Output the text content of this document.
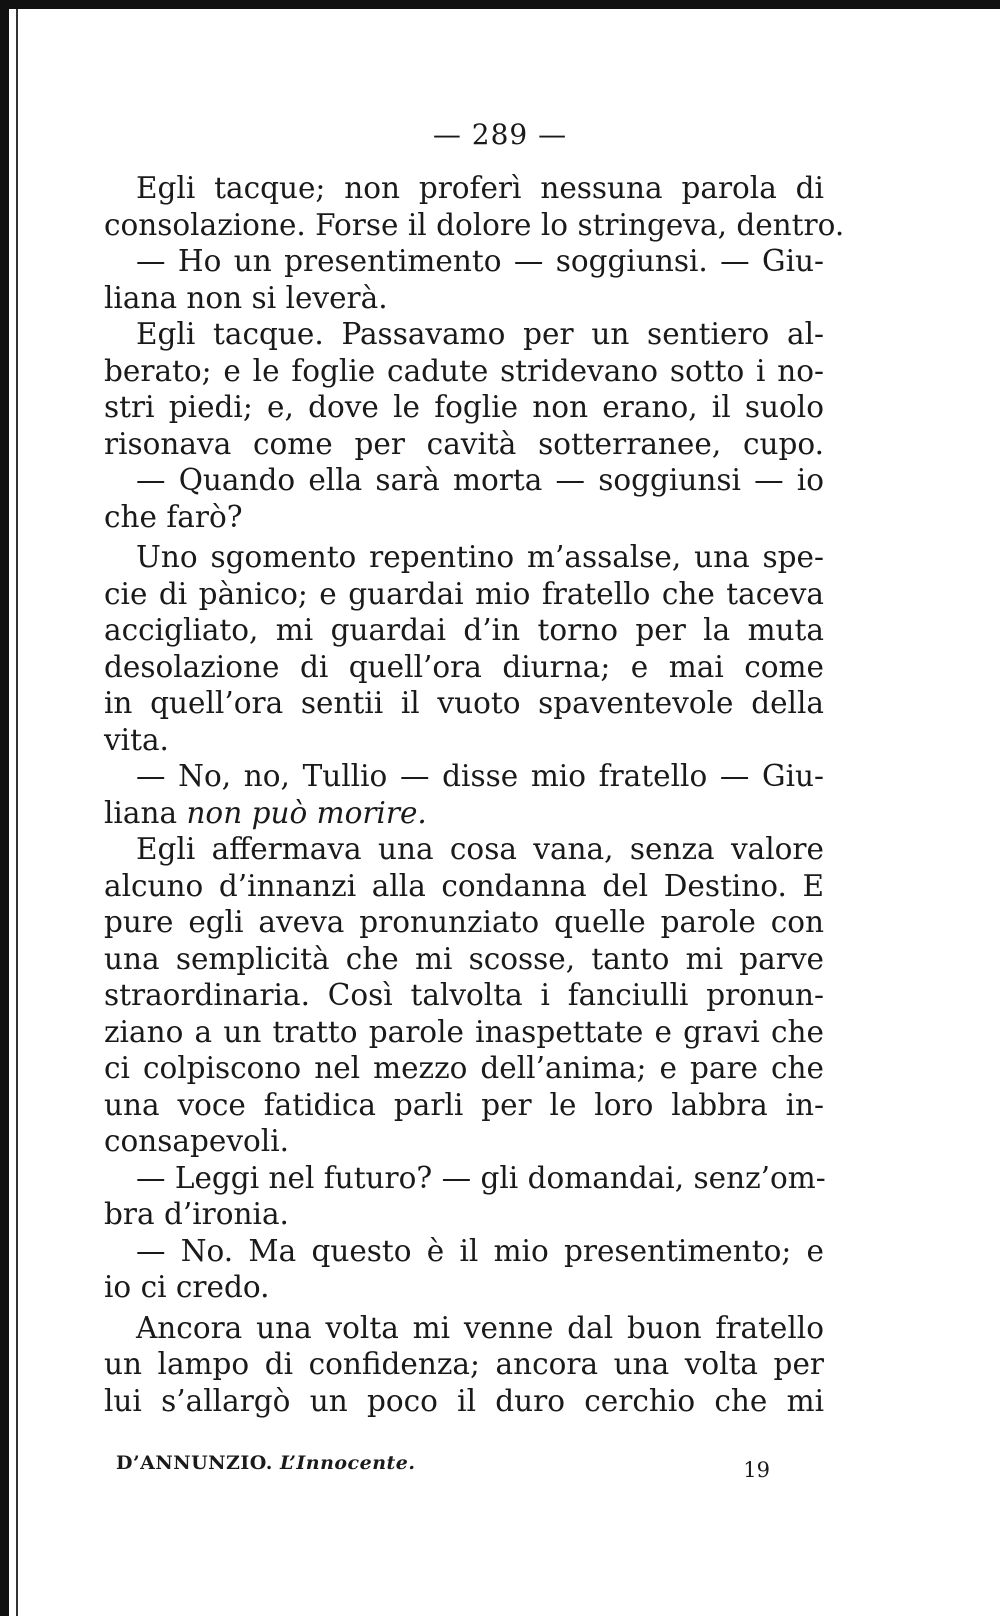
— 289 —
Egli tacque; non proferì nessuna parola di
consolazione. Forse il dolore lo stringeva, dentro.
— Ho un presentimento — soggiunsi. — Giu-
liana non si leverà.
Egli tacque. Passavamo per un sentiero al-
berato; e le foglie cadute stridevano sotto i no-
stri piedi; e, dove le foglie non erano, il suolo
risonava come per cavità sotterranee, cupo.
— Quando ella sarà morta — soggiunsi — io
che farò?
Uno sgomento repentino m’assalse, una spe-
cie di pànico; e guardai mio fratello che taceva
accigliato, mi guardai d’in torno per la muta
desolazione di quell’ora diurna; e mai come
in quell’ora sentii il vuoto spaventevole della
vita.
— No, no, Tullio — disse mio fratello — Giu-
liana non può morire.
Egli affermava una cosa vana, senza valore
alcuno d’innanzi alla condanna del Destino. E
pure egli aveva pronunziato quelle parole con
una semplicità che mi scosse, tanto mi parve
straordinaria. Così talvolta i fanciulli pronun-
ziano a un tratto parole inaspettate e gravi che
ci colpiscono nel mezzo dell’anima; e pare che
una voce fatidica parli per le loro labbra in-
consapevoli.
— Leggi nel futuro? — gli domandai, senz’om-
bra d’ironia.
— No. Ma questo è il mio presentimento; e
io ci credo.
Ancora una volta mi venne dal buon fratello
un lampo di confidenza; ancora una volta per
lui s’allargò un poco il duro cerchio che mi
D’ANNUNZIO. L’Innocente.	19
